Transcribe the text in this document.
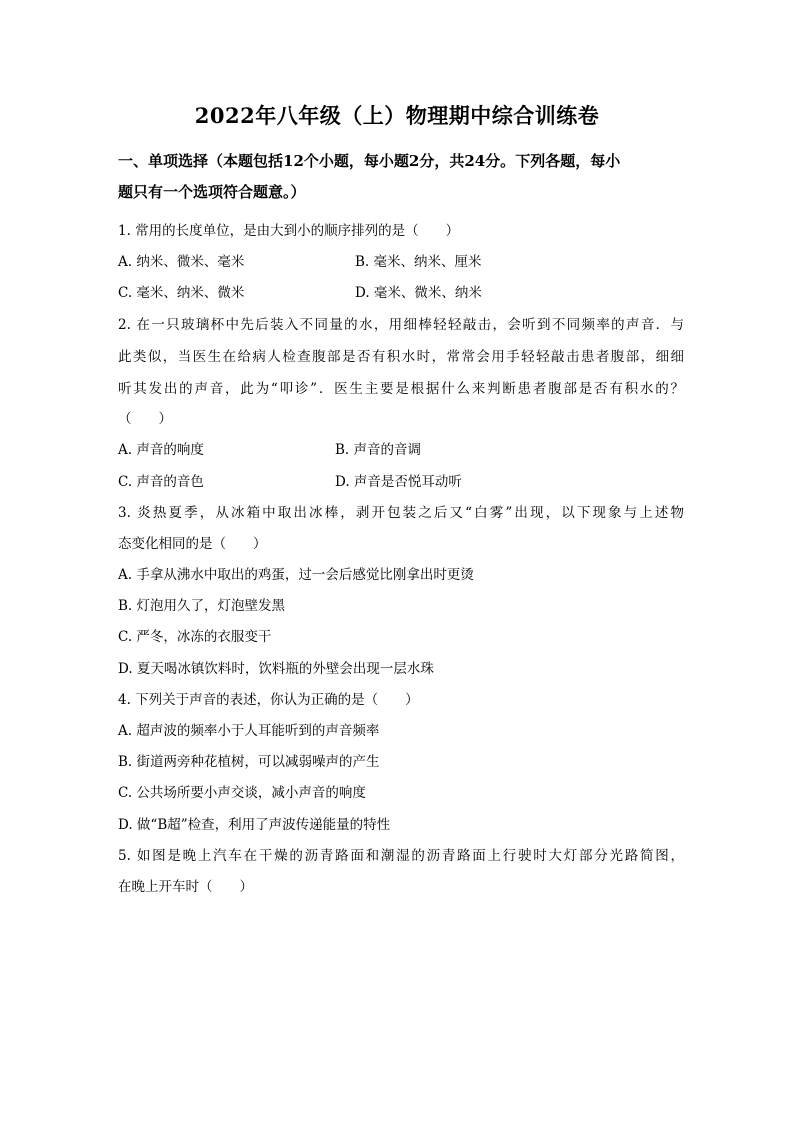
2022年八年级（上）物理期中综合训练卷
一、单项选择（本题包括12个小题，每小题2分，共24分。下列各题，每小
题只有一个选项符合题意。）
1. 常用的长度单位，是由大到小的顺序排列的是（　　）
A. 纳米、微米、毫米	B. 毫米、纳米、厘米
C. 毫米、纳米、微米	D. 毫米、微米、纳米
2. 在一只玻璃杯中先后装入不同量的水，用细棒轻轻敲击，会听到不同频率的声音．与
此类似，当医生在给病人检查腹部是否有积水时，常常会用手轻轻敲击患者腹部，细细
听其发出的声音，此为“叩诊”．医生主要是根据什么来判断患者腹部是否有积水的？
（　　）
A. 声音的响度	B. 声音的音调
C. 声音的音色	D. 声音是否悦耳动听
3. 炎热夏季，从冰箱中取出冰棒，剥开包装之后又“白雾”出现，以下现象与上述物
态变化相同的是（　　）
A. 手拿从沸水中取出的鸡蛋，过一会后感觉比刚拿出时更烫
B. 灯泡用久了，灯泡壁发黑
C. 严冬，冰冻的衣服变干
D. 夏天喝冰镇饮料时，饮料瓶的外壁会出现一层水珠
4. 下列关于声音的表述，你认为正确的是（　　）
A. 超声波的频率小于人耳能听到的声音频率
B. 街道两旁种花植树，可以减弱噪声的产生
C. 公共场所要小声交谈，减小声音的响度
D. 做“B超”检查，利用了声波传递能量的特性
5. 如图是晚上汽车在干燥的沥青路面和潮湿的沥青路面上行驶时大灯部分光路简图，
在晚上开车时（　　）
